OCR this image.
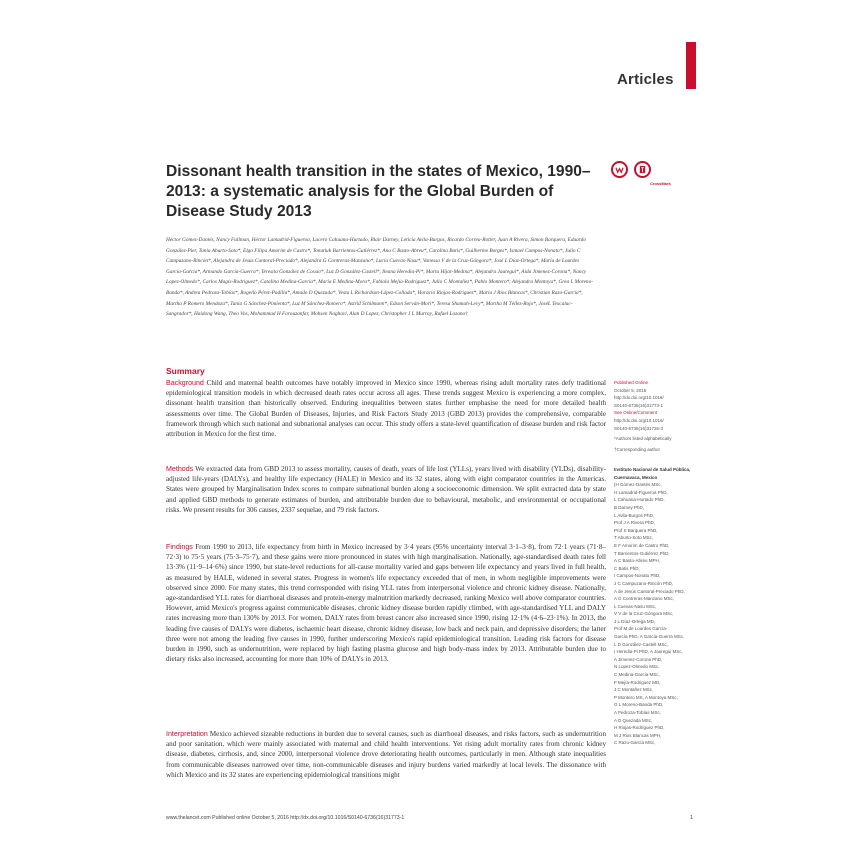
Articles
Dissonant health transition in the states of Mexico, 1990–2013: a systematic analysis for the Global Burden of Disease Study 2013
CrossMark
Héctor Gómez-Dantés, Nancy Fullman, Héctor Lamadrid-Figueroa, Lucero Cahuana-Hurtado, Blair Darney, Leticia Avila-Burgos, Ricardo Correa-Rotter, Juan A Rivera, Simon Barquera, Eduardo González-Pier, Tania Aburto-Soto*, Elga Filipa Amorim de Castro*, Tonatiuh Barrientos-Gutiérrez*, Ana C Basto-Abreu*, Carolina Batis*, Guilherme Borges*, Ismael Campos-Nonato*, Julio C Campuzano-Rincón*, Alejandra de Jesús Cantoral-Preciado*, Alejandra G Contreras-Manzano*, Lucia Cuevas-Nasu*, Vanessa V de la Cruz-Góngora*, José L Díaz-Ortega*, María de Lourdes García-García*, Armando García-Guerra*, Teresita González de Cossío*, Luz D González-Castell*, Ileana Heredia-Pi*, Marta Hijar-Medina*, Alejandra Jauregui*, Aida Jimenez-Corona*, Nancy Lopez-Olmedo*, Carlos Magis-Rodriguez*, Catalina Medina-García*, María E Medina-Mora*, Fabiola Mejía-Rodriguez*, Julio C Montañez*, Pablo Montero*, Alejandra Montoya*, Grea L Moreno-Banda*, Andrea Pedroza-Tobías*, Rogelio Pérez-Padilla*, Amado D Quezada*, Vesta L Richardson-López-Collada*, Horacio Riojas-Rodríguez*, Maria J Rios Blancas*, Christian Razo-García*, Martha P Romero Mendoza*, Tania G Sánchez-Pimienta*, Luz M Sánchez-Romero*, Astrid Schilmann*, Edson Serván-Mori*, Teresa Shamah-Levy*, Martha M Téllez-Rojo*, JoséL Texcalac-Sangrador*, Haidong Wang, Theo Vos, Mohammad H Forouzanfar, Mohsen Naghavi, Alan D Lopez, Christopher J L Murray, Rafael Lozano†
Summary
Background Child and maternal health outcomes have notably improved in Mexico since 1990, whereas rising adult mortality rates defy traditional epidemiological transition models in which decreased death rates occur across all ages. These trends suggest Mexico is experiencing a more complex, dissonant health transition than historically observed. Enduring inequalities between states further emphasise the need for more detailed health assessments over time. The Global Burden of Diseases, Injuries, and Risk Factors Study 2013 (GBD 2013) provides the comprehensive, comparable framework through which such national and subnational analyses can occur. This study offers a state-level quantification of disease burden and risk factor attribution in Mexico for the first time.
Methods We extracted data from GBD 2013 to assess mortality, causes of death, years of life lost (YLLs), years lived with disability (YLDs), disability-adjusted life-years (DALYs), and healthy life expectancy (HALE) in Mexico and its 32 states, along with eight comparator countries in the Americas. States were grouped by Marginalisation Index scores to compare subnational burden along a socioeconomic dimension. We split extracted data by state and applied GBD methods to generate estimates of burden, and attributable burden due to behavioural, metabolic, and environmental or occupational risks. We present results for 306 causes, 2337 sequelae, and 79 risk factors.
Findings From 1990 to 2013, life expectancy from birth in Mexico increased by 3·4 years (95% uncertainty interval 3·1–3·8), from 72·1 years (71·8–72·3) to 75·5 years (75·3–75·7), and these gains were more pronounced in states with high marginalisation. Nationally, age-standardised death rates fell 13·3% (11·9–14·6%) since 1990, but state-level reductions for all-cause mortality varied and gaps between life expectancy and years lived in full health, as measured by HALE, widened in several states. Progress in women's life expectancy exceeded that of men, in whom negligible improvements were observed since 2000. For many states, this trend corresponded with rising YLL rates from interpersonal violence and chronic kidney disease. Nationally, age-standardised YLL rates for diarrhoeal diseases and protein-energy malnutrition markedly decreased, ranking Mexico well above comparator countries. However, amid Mexico's progress against communicable diseases, chronic kidney disease burden rapidly climbed, with age-standardised YLL and DALY rates increasing more than 130% by 2013. For women, DALY rates from breast cancer also increased since 1990, rising 12·1% (4·6–23·1%). In 2013, the leading five causes of DALYs were diabetes, ischaemic heart disease, chronic kidney disease, low back and neck pain, and depressive disorders; the latter three were not among the leading five causes in 1990, further underscoring Mexico's rapid epidemiological transition. Leading risk factors for disease burden in 1990, such as undernutrition, were replaced by high fasting plasma glucose and high body-mass index by 2013. Attributable burden due to dietary risks also increased, accounting for more than 10% of DALYs in 2013.
Interpretation Mexico achieved sizeable reductions in burden due to several causes, such as diarrhoeal diseases, and risks factors, such as undernutrition and poor sanitation, which were mainly associated with maternal and child health interventions. Yet rising adult mortality rates from chronic kidney disease, diabetes, cirrhosis, and, since 2000, interpersonal violence drove deteriorating health outcomes, particularly in men. Although state inequalities from communicable diseases narrowed over time, non-communicable diseases and injury burdens varied markedly at local levels. The dissonance with which Mexico and its 32 states are experiencing epidemiological transitions might
Published Online
October 5, 2016
http://dx.doi.org/10.1016/
S0140-6736(16)31773-1
See Online/Comment
http://dx.doi.org/10.1016/
S0140-6736(16)31726-3
*Authors listed alphabetically
†Corresponding author
Instituto Nacional de Salud Pública, Cuernavaca, Mexico
(H Gómez-Dantés MSc,
H Lamadrid-Figueroa PhD,
L Cahuana-Hurtado PhD,
B Darney PhD,
L Avila-Burgos PhD,
Prof J A Rivera PhD,
Prof S Barquera PhD,
T Aburto-Soto MSc,
E F Amorim de Castro PhD,
T Barrientos-Gutiérrez PhD,
A C Basto-Abreu MPH,
C Batis PhD,
I Campos-Nonato PhD,
J C Campuzano-Rincón PhD,
A de Jesús Cantoral-Preciado PhD,
A G Contreras-Manzano MSc,
L Cuevas-Nasu MSc,
V V de la Cruz-Góngora MSc,
J L Díaz-Ortega MD,
Prof M de Lourdes García-
García PhD, A García-Guerra MSc,
L D González-Castell MSc,
I Heredia-Pi PhD, A Jauregui MSc,
A Jimenez-Corona PhD,
N Lopez-Olmedo MSc,
C Medina-García MSc,
F Mejía-Rodriguez MD,
J C Montañez MSc,
P Montero MS, A Montoya MSc,
G L Moreno-Banda PhD,
A Pedroza-Tobías MSc,
A D Quezada MSc,
H Riojas-Rodríguez PhD,
M J Rios Blancas MPH,
C Razo-García MSc,
www.thelancet.com Published online October 5, 2016 http://dx.doi.org/10.1016/S0140-6736(16)31773-1	1
